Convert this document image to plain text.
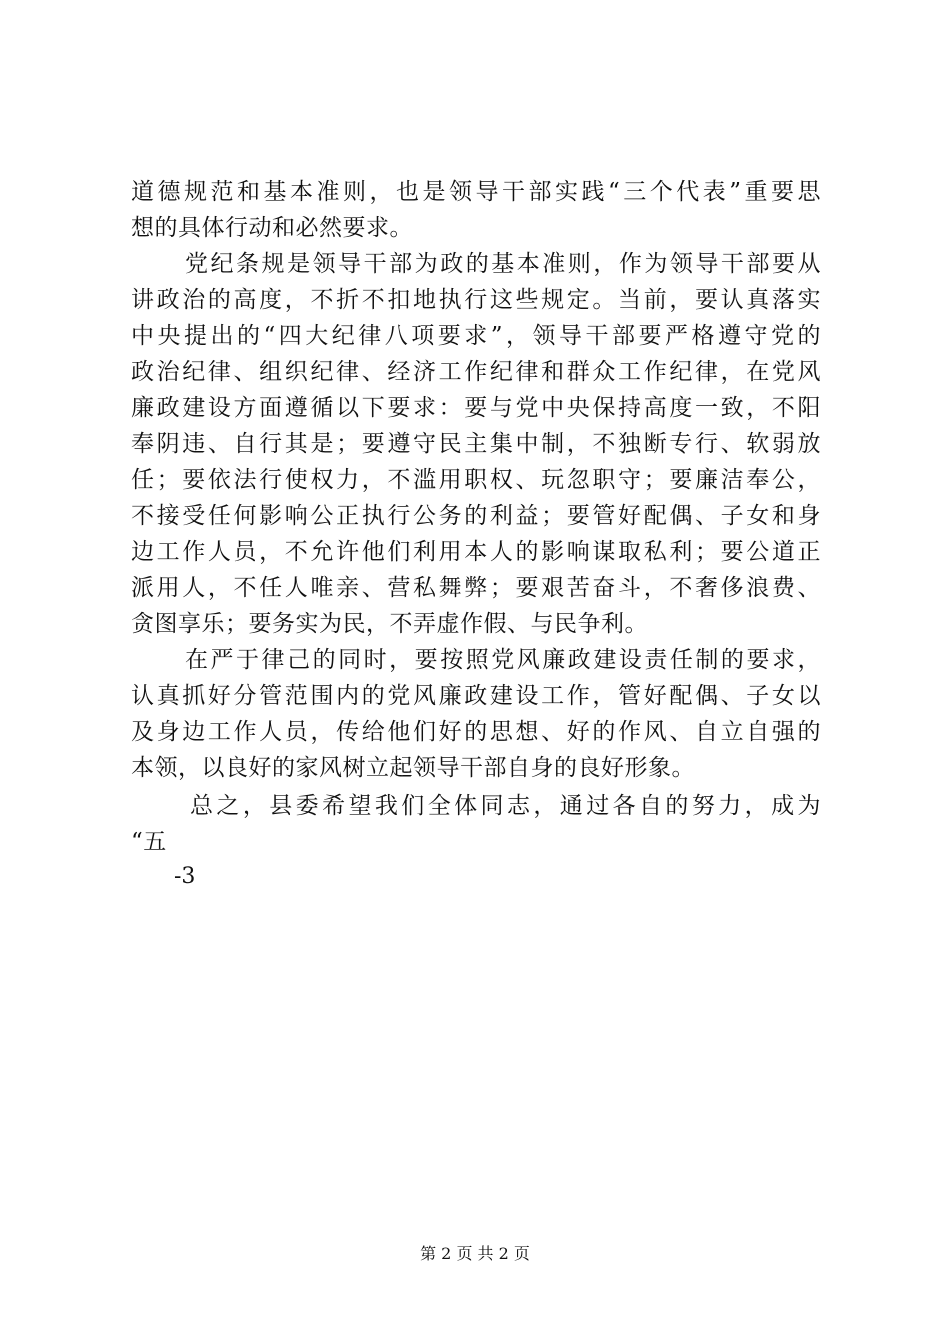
道德规范和基本准则，也是领导干部实践“三个代表”重要思
想的具体行动和必然要求。
党纪条规是领导干部为政的基本准则，作为领导干部要从
讲政治的高度，不折不扣地执行这些规定。当前，要认真落实
中央提出的“四大纪律八项要求”，领导干部要严格遵守党的
政治纪律、组织纪律、经济工作纪律和群众工作纪律，在党风
廉政建设方面遵循以下要求：要与党中央保持高度一致，不阳
奉阴违、自行其是；要遵守民主集中制，不独断专行、软弱放
任；要依法行使权力，不滥用职权、玩忽职守；要廉洁奉公，
不接受任何影响公正执行公务的利益；要管好配偶、子女和身
边工作人员，不允许他们利用本人的影响谋取私利；要公道正
派用人，不任人唯亲、营私舞弊；要艰苦奋斗，不奢侈浪费、
贪图享乐；要务实为民，不弄虚作假、与民争利。
在严于律己的同时，要按照党风廉政建设责任制的要求，
认真抓好分管范围内的党风廉政建设工作，管好配偶、子女以
及身边工作人员，传给他们好的思想、好的作风、自立自强的
本领，以良好的家风树立起领导干部自身的良好形象。
总之，县委希望我们全体同志，通过各自的努力，成为
“五
-3
第 2 页 共 2 页
